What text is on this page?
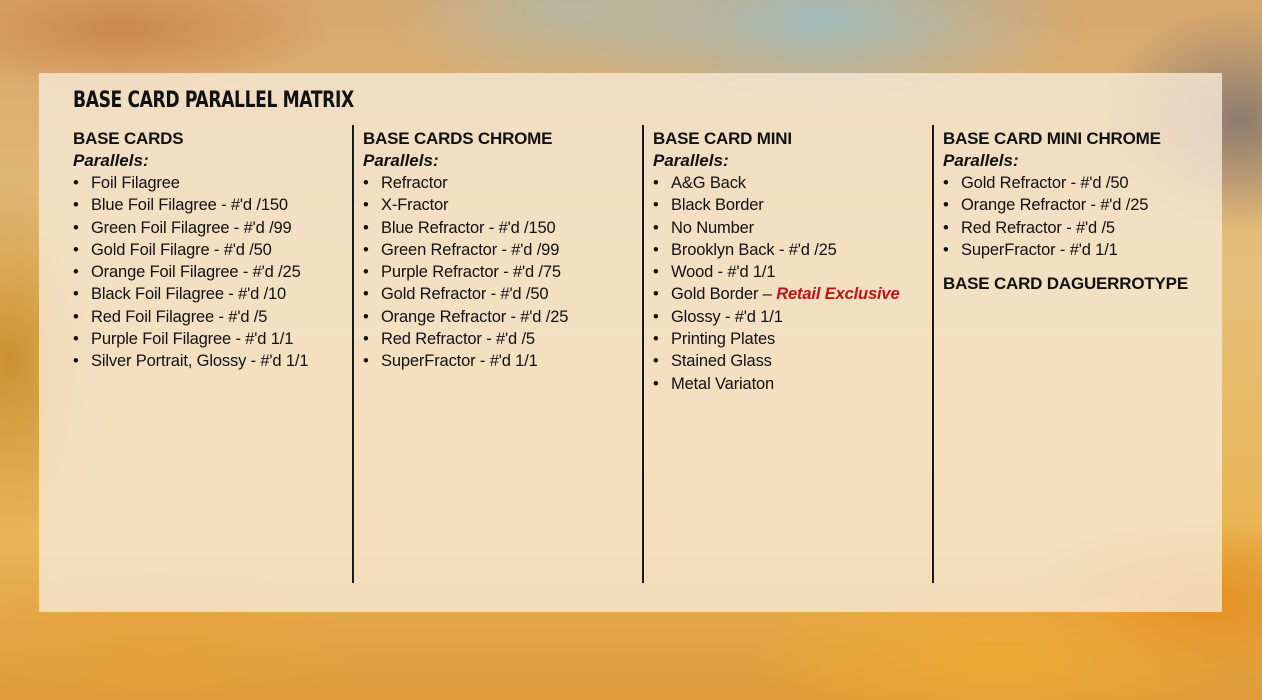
BASE CARD PARALLEL MATRIX
BASE CARDS
Parallels:
• Foil Filagree
• Blue Foil Filagree - #'d /150
• Green Foil Filagree - #'d /99
• Gold Foil Filagre - #'d /50
• Orange Foil Filagree - #'d /25
• Black Foil Filagree - #'d /10
• Red Foil Filagree - #'d /5
• Purple Foil Filagree - #'d 1/1
• Silver Portrait, Glossy - #'d 1/1
BASE CARDS CHROME
Parallels:
• Refractor
• X-Fractor
• Blue Refractor - #'d /150
• Green Refractor - #'d /99
• Purple Refractor - #'d /75
• Gold Refractor - #'d /50
• Orange Refractor - #'d /25
• Red Refractor - #'d /5
• SuperFractor - #'d 1/1
BASE CARD MINI
Parallels:
• A&G Back
• Black Border
• No Number
• Brooklyn Back - #'d /25
• Wood - #'d 1/1
• Gold Border – Retail Exclusive
• Glossy - #'d 1/1
• Printing Plates
• Stained Glass
• Metal Variaton
BASE CARD MINI CHROME
Parallels:
• Gold Refractor - #'d /50
• Orange Refractor - #'d /25
• Red Refractor - #'d /5
• SuperFractor - #'d 1/1
BASE CARD DAGUERROTYPE
